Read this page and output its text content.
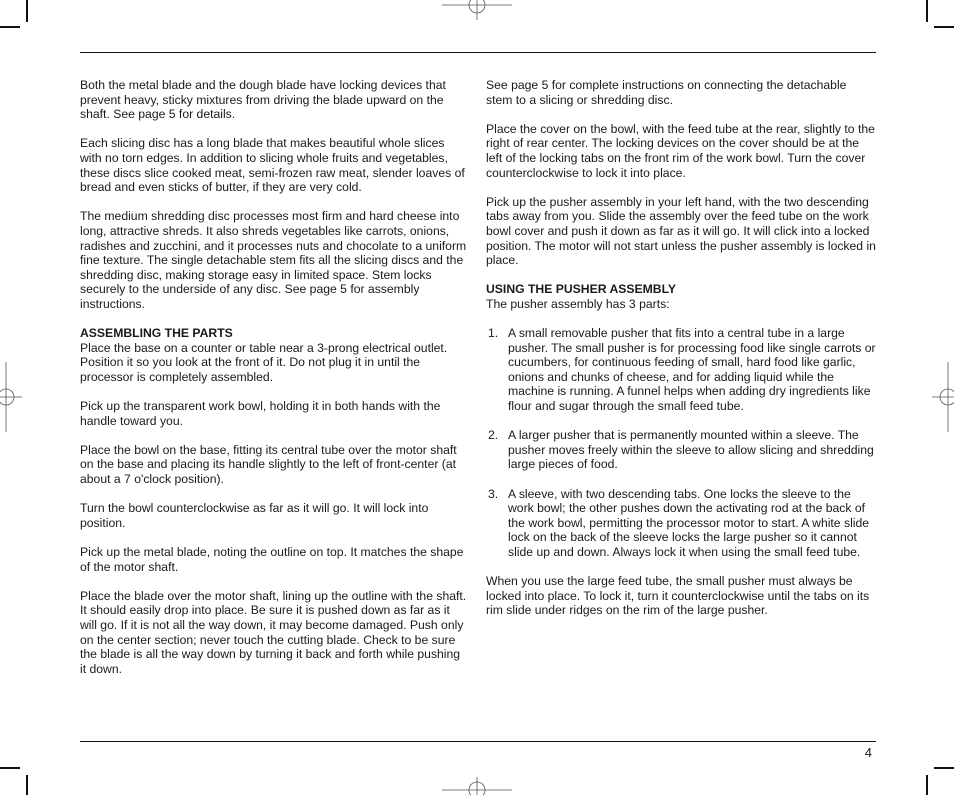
Both the metal blade and the dough blade have locking devices that prevent heavy, sticky mixtures from driving the blade upward on the shaft. See page 5 for details.

Each slicing disc has a long blade that makes beautiful whole slices with no torn edges. In addition to slicing whole fruits and vegetables, these discs slice cooked meat, semi-frozen raw meat, slender loaves of bread and even sticks of butter, if they are very cold.

The medium shredding disc processes most firm and hard cheese into long, attractive shreds. It also shreds vegetables like carrots, onions, radishes and zucchini, and it processes nuts and chocolate to a uniform fine texture. The single detachable stem fits all the slicing discs and the shredding disc, making storage easy in limited space. Stem locks securely to the underside of any disc. See page 5 for assembly instructions.

ASSEMBLING THE PARTS

Place the base on a counter or table near a 3-prong electrical outlet. Position it so you look at the front of it. Do not plug it in until the processor is completely assembled.

Pick up the transparent work bowl, holding it in both hands with the handle toward you.

Place the bowl on the base, fitting its central tube over the motor shaft on the base and placing its handle slightly to the left of front-center (at about a 7 o'clock position).

Turn the bowl counterclockwise as far as it will go. It will lock into position.

Pick up the metal blade, noting the outline on top. It matches the shape of the motor shaft.

Place the blade over the motor shaft, lining up the outline with the shaft. It should easily drop into place. Be sure it is pushed down as far as it will go. If it is not all the way down, it may become damaged. Push only on the center section; never touch the cutting blade. Check to be sure the blade is all the way down by turning it back and forth while pushing it down.

See page 5 for complete instructions on connecting the detachable stem to a slicing or shredding disc.

Place the cover on the bowl, with the feed tube at the rear, slightly to the right of rear center. The locking devices on the cover should be at the left of the locking tabs on the front rim of the work bowl. Turn the cover counterclockwise to lock it into place.

Pick up the pusher assembly in your left hand, with the two descending tabs away from you. Slide the assembly over the feed tube on the work bowl cover and push it down as far as it will go. It will click into a locked position. The motor will not start unless the pusher assembly is locked in place.

USING THE PUSHER ASSEMBLY

The pusher assembly has 3 parts:

1. A small removable pusher that fits into a central tube in a large pusher. The small pusher is for processing food like single carrots or cucumbers, for continuous feeding of small, hard food like garlic, onions and chunks of cheese, and for adding liquid while the machine is running. A funnel helps when adding dry ingredients like flour and sugar through the small feed tube.
2. A larger pusher that is permanently mounted within a sleeve. The pusher moves freely within the sleeve to allow slicing and shredding large pieces of food.
3. A sleeve, with two descending tabs. One locks the sleeve to the work bowl; the other pushes down the activating rod at the back of the work bowl, permitting the processor motor to start. A white slide lock on the back of the sleeve locks the large pusher so it cannot slide up and down. Always lock it when using the small feed tube.

When you use the large feed tube, the small pusher must always be locked into place. To lock it, turn it counterclockwise until the tabs on its rim slide under ridges on the rim of the large pusher.

4
